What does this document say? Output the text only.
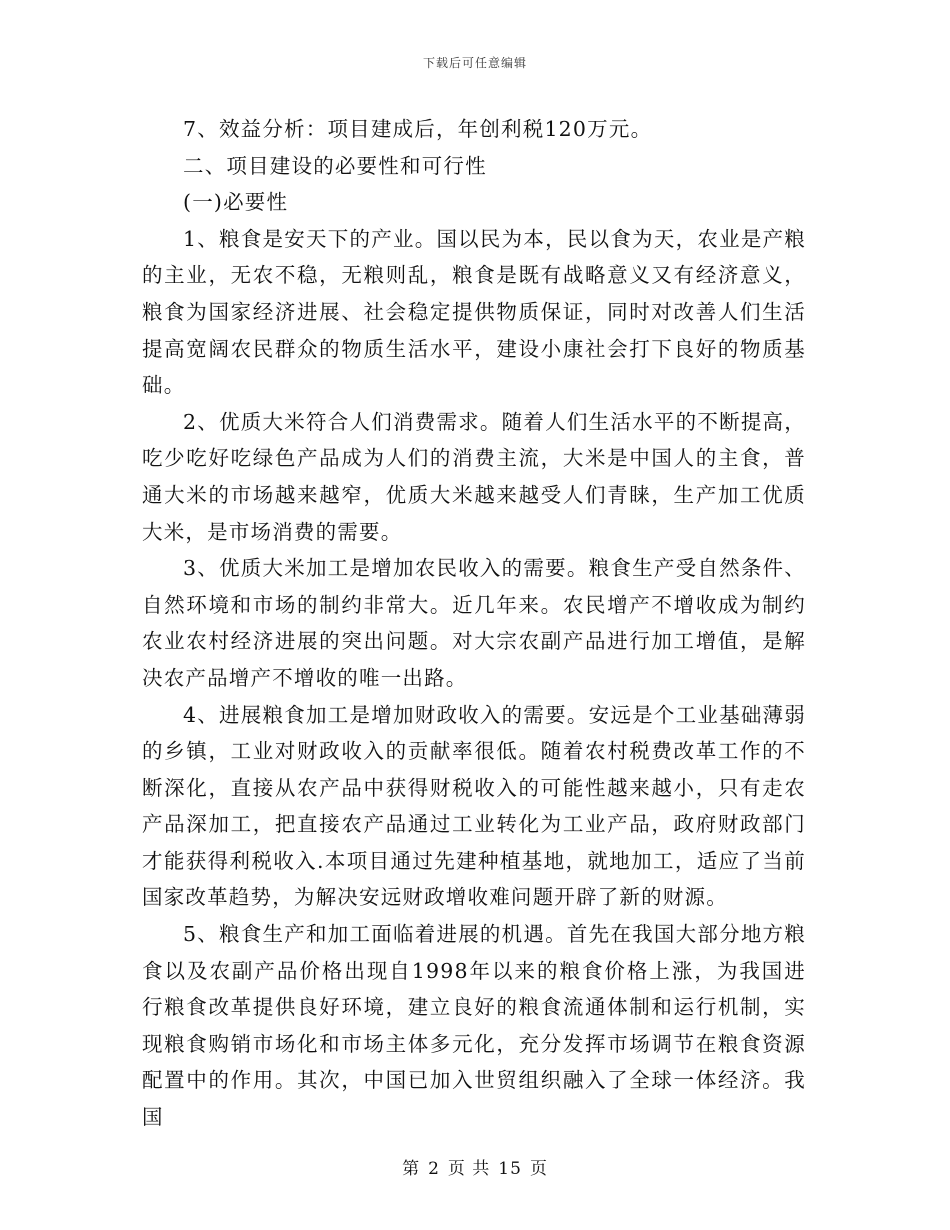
下载后可任意编辑

7、效益分析：项目建成后，年创利税120万元。

二、项目建设的必要性和可行性

(一)必要性

1、粮食是安天下的产业。国以民为本，民以食为天，农业是产粮的主业，无农不稳，无粮则乱，粮食是既有战略意义又有经济意义，粮食为国家经济进展、社会稳定提供物质保证，同时对改善人们生活提高宽阔农民群众的物质生活水平，建设小康社会打下良好的物质基础。

2、优质大米符合人们消费需求。随着人们生活水平的不断提高，吃少吃好吃绿色产品成为人们的消费主流，大米是中国人的主食，普通大米的市场越来越窄，优质大米越来越受人们青睐，生产加工优质大米，是市场消费的需要。

3、优质大米加工是增加农民收入的需要。粮食生产受自然条件、自然环境和市场的制约非常大。近几年来。农民增产不增收成为制约农业农村经济进展的突出问题。对大宗农副产品进行加工增值，是解决农产品增产不增收的唯一出路。

4、进展粮食加工是增加财政收入的需要。安远是个工业基础薄弱的乡镇，工业对财政收入的贡献率很低。随着农村税费改革工作的不断深化，直接从农产品中获得财税收入的可能性越来越小，只有走农产品深加工，把直接农产品通过工业转化为工业产品，政府财政部门才能获得利税收入.本项目通过先建种植基地，就地加工，适应了当前国家改革趋势，为解决安远财政增收难问题开辟了新的财源。

5、粮食生产和加工面临着进展的机遇。首先在我国大部分地方粮食以及农副产品价格出现自1998年以来的粮食价格上涨，为我国进行粮食改革提供良好环境，建立良好的粮食流通体制和运行机制，实现粮食购销市场化和市场主体多元化，充分发挥市场调节在粮食资源配置中的作用。其次，中国已加入世贸组织融入了全球一体经济。我国

第 2 页 共 15 页
